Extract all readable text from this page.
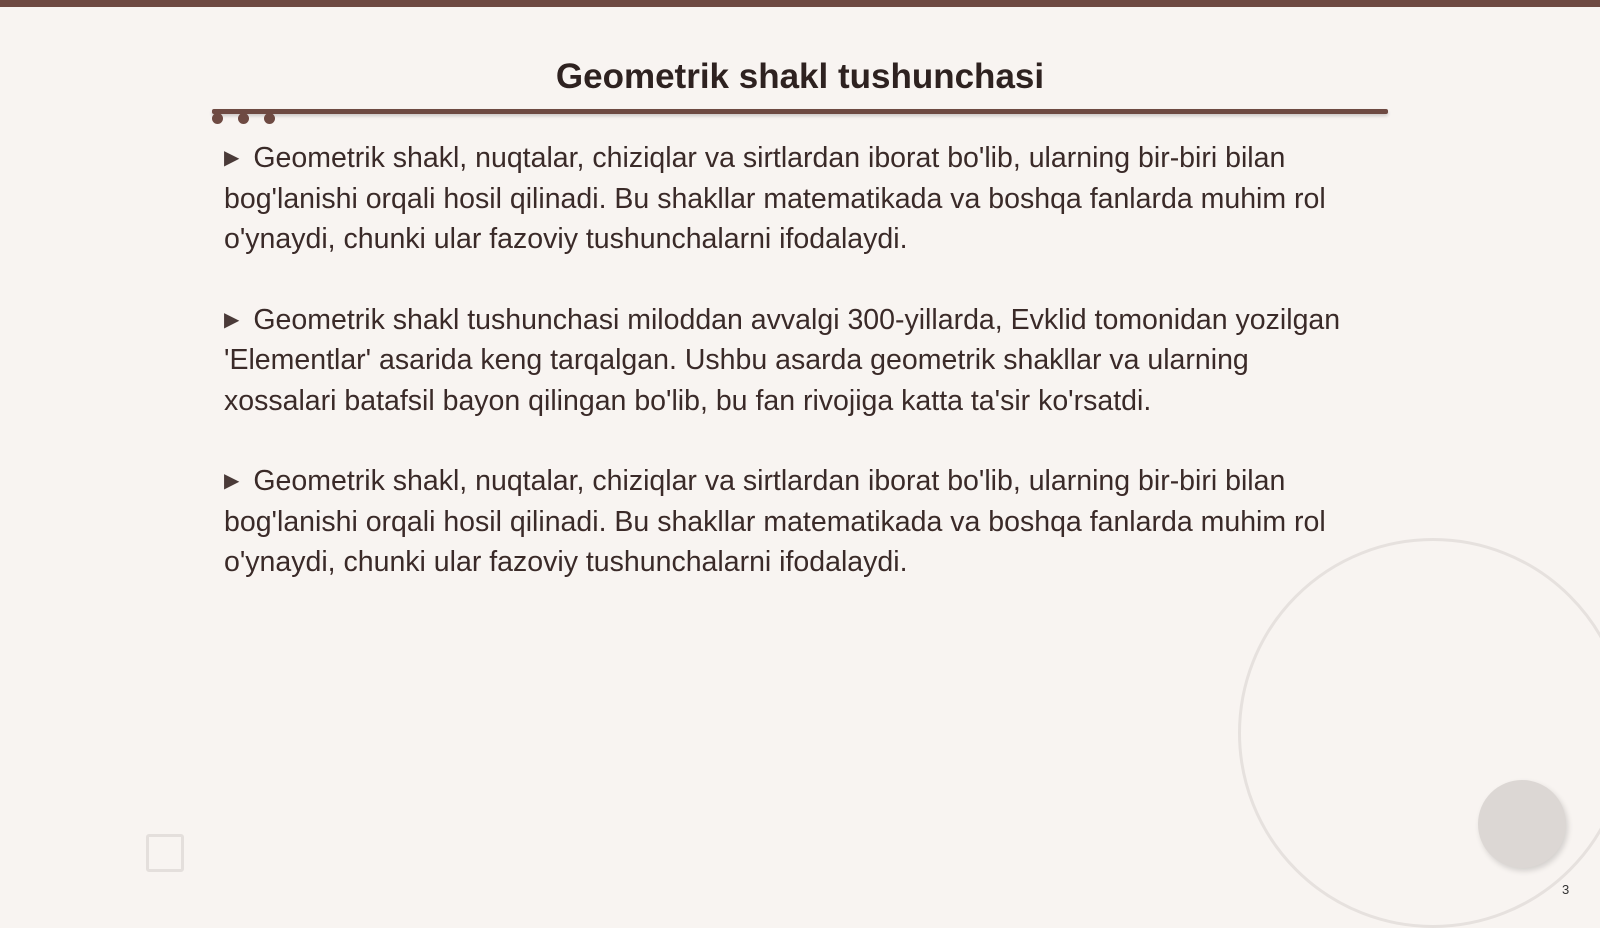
Geometrik shakl tushunchasi

▶ Geometrik shakl, nuqtalar, chiziqlar va sirtlardan iborat bo'lib, ularning bir-biri bilan bog'lanishi orqali hosil qilinadi. Bu shakllar matematikada va boshqa fanlarda muhim rol o'ynaydi, chunki ular fazoviy tushunchalarni ifodalaydi.

▶ Geometrik shakl tushunchasi miloddan avvalgi 300-yillarda, Evklid tomonidan yozilgan 'Elementlar' asarida keng tarqalgan. Ushbu asarda geometrik shakllar va ularning xossalari batafsil bayon qilingan bo'lib, bu fan rivojiga katta ta'sir ko'rsatdi.

▶ Geometrik shakl, nuqtalar, chiziqlar va sirtlardan iborat bo'lib, ularning bir-biri bilan bog'lanishi orqali hosil qilinadi. Bu shakllar matematikada va boshqa fanlarda muhim rol o'ynaydi, chunki ular fazoviy tushunchalarni ifodalaydi.

3
